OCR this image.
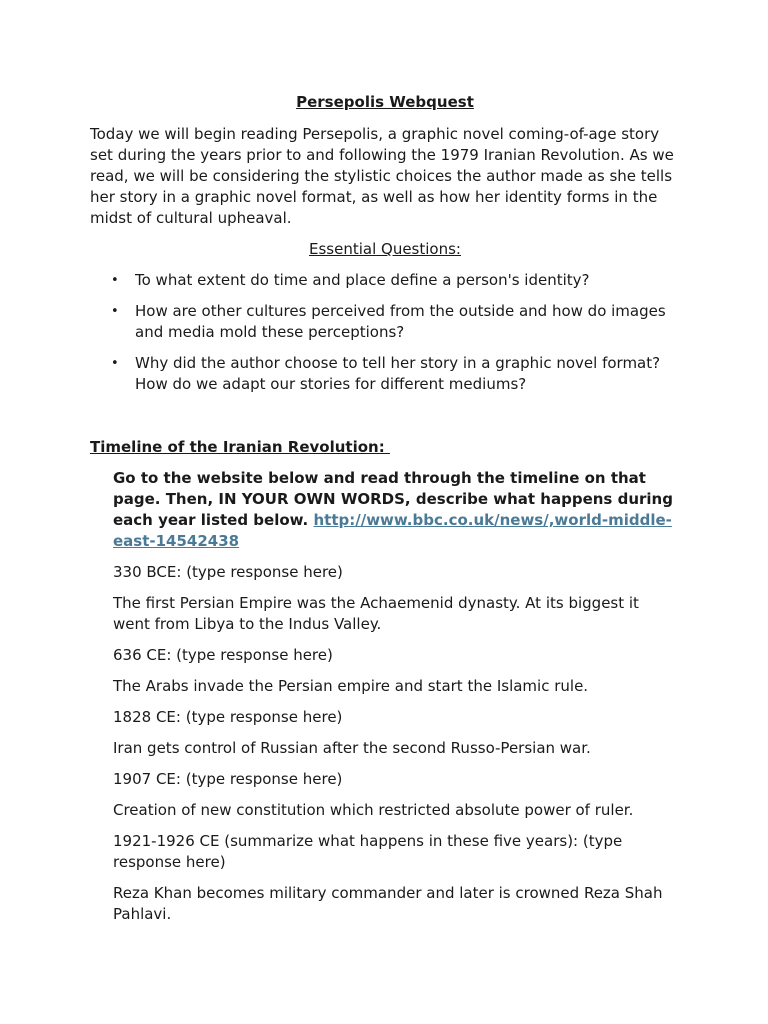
Persepolis Webquest

Today we will begin reading Persepolis, a graphic novel coming-of-age story set during the years prior to and following the 1979 Iranian Revolution. As we read, we will be considering the stylistic choices the author made as she tells her story in a graphic novel format, as well as how her identity forms in the midst of cultural upheaval.

Essential Questions:

• To what extent do time and place define a person's identity?
• How are other cultures perceived from the outside and how do images and media mold these perceptions?
• Why did the author choose to tell her story in a graphic novel format? How do we adapt our stories for different mediums?

Timeline of the Iranian Revolution:

Go to the website below and read through the timeline on that page. Then, IN YOUR OWN WORDS, describe what happens during each year listed below. http://www.bbc.co.uk/news/,world-middle-east-14542438

330 BCE: (type response here)

The first Persian Empire was the Achaemenid dynasty. At its biggest it went from Libya to the Indus Valley.

636 CE: (type response here)

The Arabs invade the Persian empire and start the Islamic rule.

1828 CE: (type response here)

Iran gets control of Russian after the second Russo-Persian war.

1907 CE: (type response here)

Creation of new constitution which restricted absolute power of ruler.

1921-1926 CE (summarize what happens in these five years): (type response here)

Reza Khan becomes military commander and later is crowned Reza Shah Pahlavi.
